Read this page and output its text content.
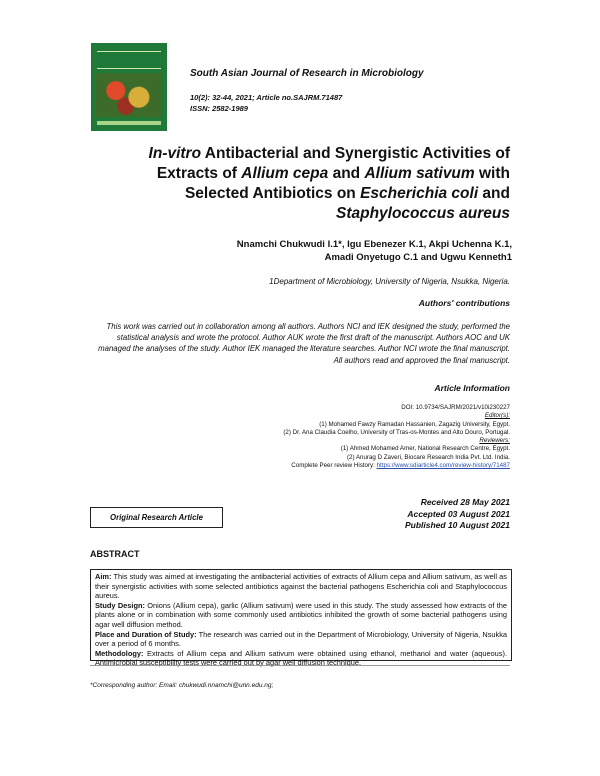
South Asian Journal of Research in Microbiology
10(2): 32-44, 2021; Article no.SAJRM.71487
ISSN: 2582-1989
In-vitro Antibacterial and Synergistic Activities of
Extracts of Allium cepa and Allium sativum with
Selected Antibiotics on Escherichia coli and
Staphylococcus aureus
Nnamchi Chukwudi I.1*, Igu Ebenezer K.1, Akpi Uchenna K.1,
Amadi Onyetugo C.1 and Ugwu Kenneth1
1Department of Microbiology, University of Nigeria, Nsukka, Nigeria.
Authors' contributions
This work was carried out in collaboration among all authors. Authors NCI and IEK designed the study, performed the statistical analysis and wrote the protocol. Author AUK wrote the first draft of the manuscript. Authors AOC and UK managed the analyses of the study. Author IEK managed the literature searches. Author NCI wrote the final manuscript. All authors read and approved the final manuscript.
Article Information
DOI: 10.9734/SAJRM/2021/v10i230227
Editor(s):
(1) Mohamed Fawzy Ramadan Hassanien, Zagazig University, Egypt.
(2) Dr. Ana Claudia Coelho, University of Tras-os-Montes and Alto Douro, Portugal.
Reviewers:
(1) Ahmed Mohamed Amer, National Research Centre, Egypt.
(2) Anurag D Zaveri, Biocare Research India Pvt. Ltd. India.
Complete Peer review History: https://www.sdiarticle4.com/review-history/71487
Original Research Article
Received 28 May 2021
Accepted 03 August 2021
Published 10 August 2021
ABSTRACT
Aim: This study was aimed at investigating the antibacterial activities of extracts of Allium cepa and Allium sativum, as well as their synergistic activities with some selected antibiotics against the bacterial pathogens Escherichia coli and Staphylococcus aureus.
Study Design: Onions (Allium cepa), garlic (Allium sativum) were used in this study. The study assessed how extracts of the plants alone or in combination with some commonly used antibiotics inhibited the growth of some bacterial pathogens using agar well diffusion method.
Place and Duration of Study: The research was carried out in the Department of Microbiology, University of Nigeria, Nsukka over a period of 6 months.
Methodology: Extracts of Allium cepa and Allium sativum were obtained using ethanol, methanol and water (aqueous). Antimicrobial susceptibility tests were carried out by agar well diffusion technique.
*Corresponding author: Email: chukwudi.nnamchi@unn.edu.ng;
